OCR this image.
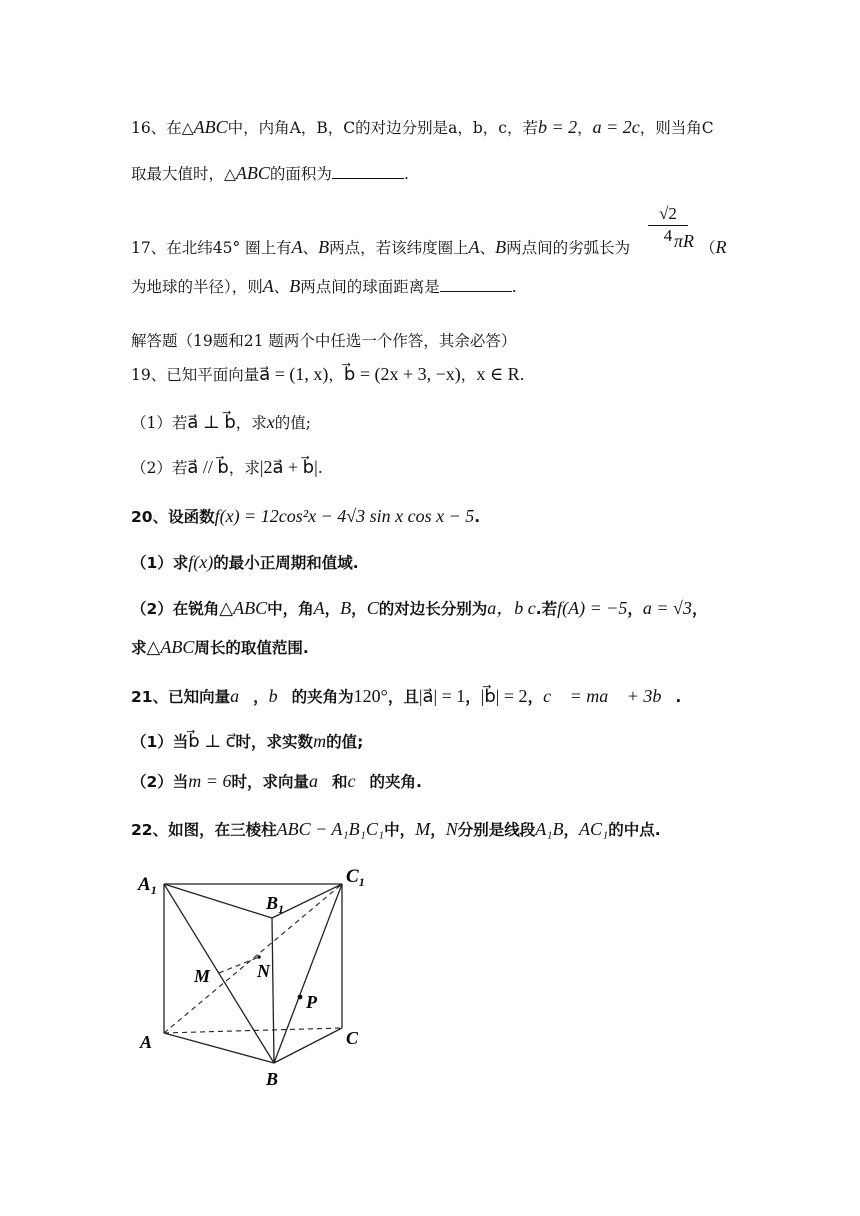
16、在△ABC中，内角A，B，C的对边分别是a，b，c，若b = 2，a = 2c，则当角C
取最大值时，△ABC的面积为	.
17、在北纬45° 圈上有A、B两点，若该纬度圈上A、B两点间的劣弧长为
$\frac{√2}{4}$
πR （R
为地球的半径），则A、B两点间的球面距离是	.
解答题（19题和21 题两个中任选一个作答，其余必答）
19、已知平面向量a⃗ = (1, x)，b⃗ = (2x + 3, −x)，x ∈ R.
（1）若a⃗ ⊥ b⃗，求x的值;
（2）若a⃗ // b⃗，求|2a⃗ + b⃗|.
20、设函数f(x) = 12cos²x − 4√3 sin x cos x − 5.
（1）求f(x)的最小正周期和值域.
（2）在锐角△ABC中，角A，B，C的对边长分别为a，b c.若f(A) = −5，a = √3，
求△ABC周长的取值范围.
21、已知向量a⃗，b⃗的夹角为120°，且|a⃗| = 1，|b⃗| = 2，c⃗ = ma⃗ + 3b⃗.
（1）当b⃗ ⊥ c⃗时，求实数m的值;
（2）当m = 6时，求向量a⃗和c⃗的夹角.
22、如图，在三棱柱ABC − A₁B₁C₁中，M，N分别是线段A₁B，AC₁的中点.
$A_1$
$C_1$
$B_1$
M	N
P
A	C
B
